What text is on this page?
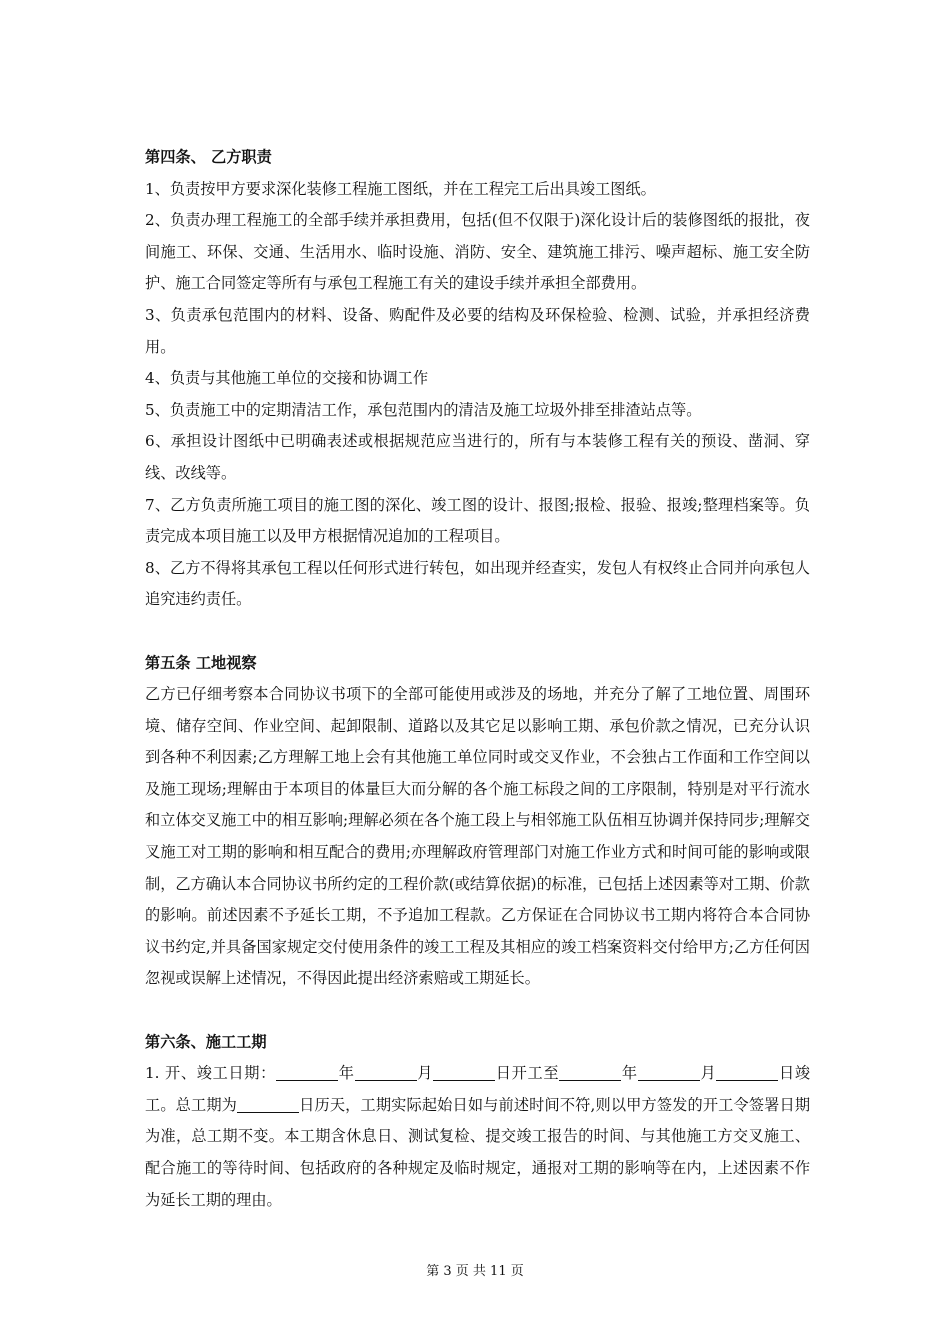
第四条、 乙方职责

1、负责按甲方要求深化装修工程施工图纸，并在工程完工后出具竣工图纸。

2、负责办理工程施工的全部手续并承担费用，包括(但不仅限于)深化设计后的装修图纸的报批，夜间施工、环保、交通、生活用水、临时设施、消防、安全、建筑施工排污、噪声超标、施工安全防护、施工合同签定等所有与承包工程施工有关的建设手续并承担全部费用。

3、负责承包范围内的材料、设备、购配件及必要的结构及环保检验、检测、试验，并承担经济费用。

4、负责与其他施工单位的交接和协调工作

5、负责施工中的定期清洁工作，承包范围内的清洁及施工垃圾外排至排渣站点等。

6、承担设计图纸中已明确表述或根据规范应当进行的，所有与本装修工程有关的预设、凿洞、穿线、改线等。

7、乙方负责所施工项目的施工图的深化、竣工图的设计、报图;报检、报验、报竣;整理档案等。负责完成本项目施工以及甲方根据情况追加的工程项目。

8、乙方不得将其承包工程以任何形式进行转包，如出现并经查实，发包人有权终止合同并向承包人追究违约责任。

第五条 工地视察

乙方已仔细考察本合同协议书项下的全部可能使用或涉及的场地，并充分了解了工地位置、周围环境、储存空间、作业空间、起卸限制、道路以及其它足以影响工期、承包价款之情况，已充分认识到各种不利因素;乙方理解工地上会有其他施工单位同时或交叉作业，不会独占工作面和工作空间以及施工现场;理解由于本项目的体量巨大而分解的各个施工标段之间的工序限制，特别是对平行流水和立体交叉施工中的相互影响;理解必须在各个施工段上与相邻施工队伍相互协调并保持同步;理解交叉施工对工期的影响和相互配合的费用;亦理解政府管理部门对施工作业方式和时间可能的影响或限制，乙方确认本合同协议书所约定的工程价款(或结算依据)的标准，已包括上述因素等对工期、价款的影响。前述因素不予延长工期，不予追加工程款。乙方保证在合同协议书工期内将符合本合同协议书约定,并具备国家规定交付使用条件的竣工工程及其相应的竣工档案资料交付给甲方;乙方任何因忽视或误解上述情况，不得因此提出经济索赔或工期延长。

第六条、施工工期

1. 开、竣工日期：	年	月	日开工至	年	月	日竣工。总工期为	日历天，工期实际起始日如与前述时间不符,则以甲方签发的开工令签署日期为准，总工期不变。本工期含休息日、测试复检、提交竣工报告的时间、与其他施工方交叉施工、配合施工的等待时间、包括政府的各种规定及临时规定，通报对工期的影响等在内，上述因素不作为延长工期的理由。

第 3 页 共 11 页
